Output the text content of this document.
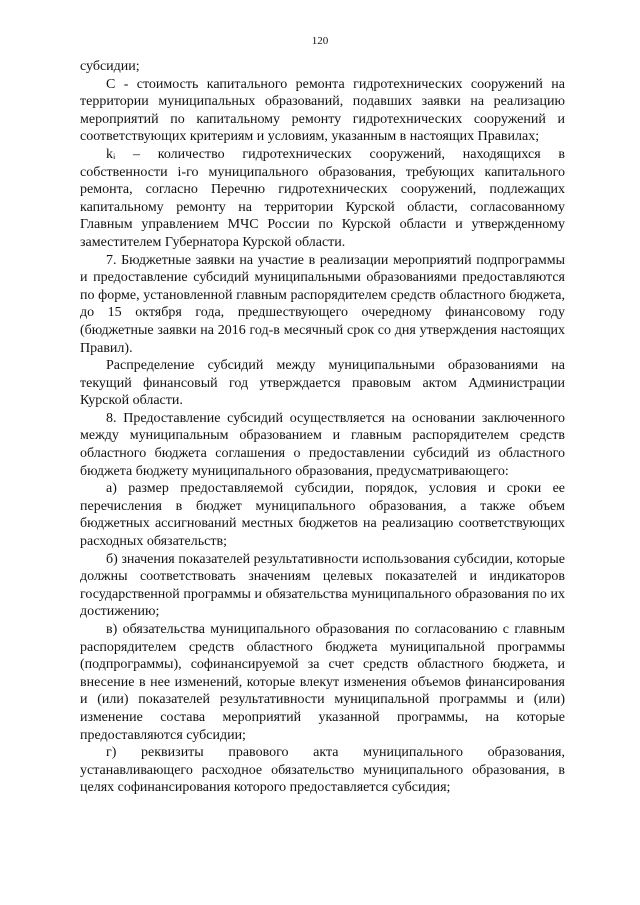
120

субсидии;

C - стоимость капитального ремонта гидротехнических сооружений на территории муниципальных образований, подавших заявки на реализацию мероприятий по капитальному ремонту гидротехнических сооружений и соответствующих критериям и условиям, указанным в настоящих Правилах;

kᵢ – количество гидротехнических сооружений, находящихся в собственности i-го муниципального образования, требующих капитального ремонта, согласно Перечню гидротехнических сооружений, подлежащих капитальному ремонту на территории Курской области, согласованному Главным управлением МЧС России по Курской области и утвержденному заместителем Губернатора Курской области.

7. Бюджетные заявки на участие в реализации мероприятий подпрограммы и предоставление субсидий муниципальными образованиями предоставляются по форме, установленной главным распорядителем средств областного бюджета, до 15 октября года, предшествующего очередному финансовому году (бюджетные заявки на 2016 год-в месячный срок со дня утверждения настоящих Правил).

Распределение субсидий между муниципальными образованиями на текущий финансовый год утверждается правовым актом Администрации Курской области.

8. Предоставление субсидий осуществляется на основании заключенного между муниципальным образованием и главным распорядителем средств областного бюджета соглашения о предоставлении субсидий из областного бюджета бюджету муниципального образования, предусматривающего:

а) размер предоставляемой субсидии, порядок, условия и сроки ее перечисления в бюджет муниципального образования, а также объем бюджетных ассигнований местных бюджетов на реализацию соответствующих расходных обязательств;

б) значения показателей результативности использования субсидии, которые должны соответствовать значениям целевых показателей и индикаторов государственной программы и обязательства муниципального образования по их достижению;

в) обязательства муниципального образования по согласованию с главным распорядителем средств областного бюджета муниципальной программы (подпрограммы), софинансируемой за счет средств областного бюджета, и внесение в нее изменений, которые влекут изменения объемов финансирования и (или) показателей результативности муниципальной программы и (или) изменение состава мероприятий указанной программы, на которые предоставляются субсидии;

г) реквизиты правового акта муниципального образования, устанавливающего расходное обязательство муниципального образования, в целях софинансирования которого предоставляется субсидия;
